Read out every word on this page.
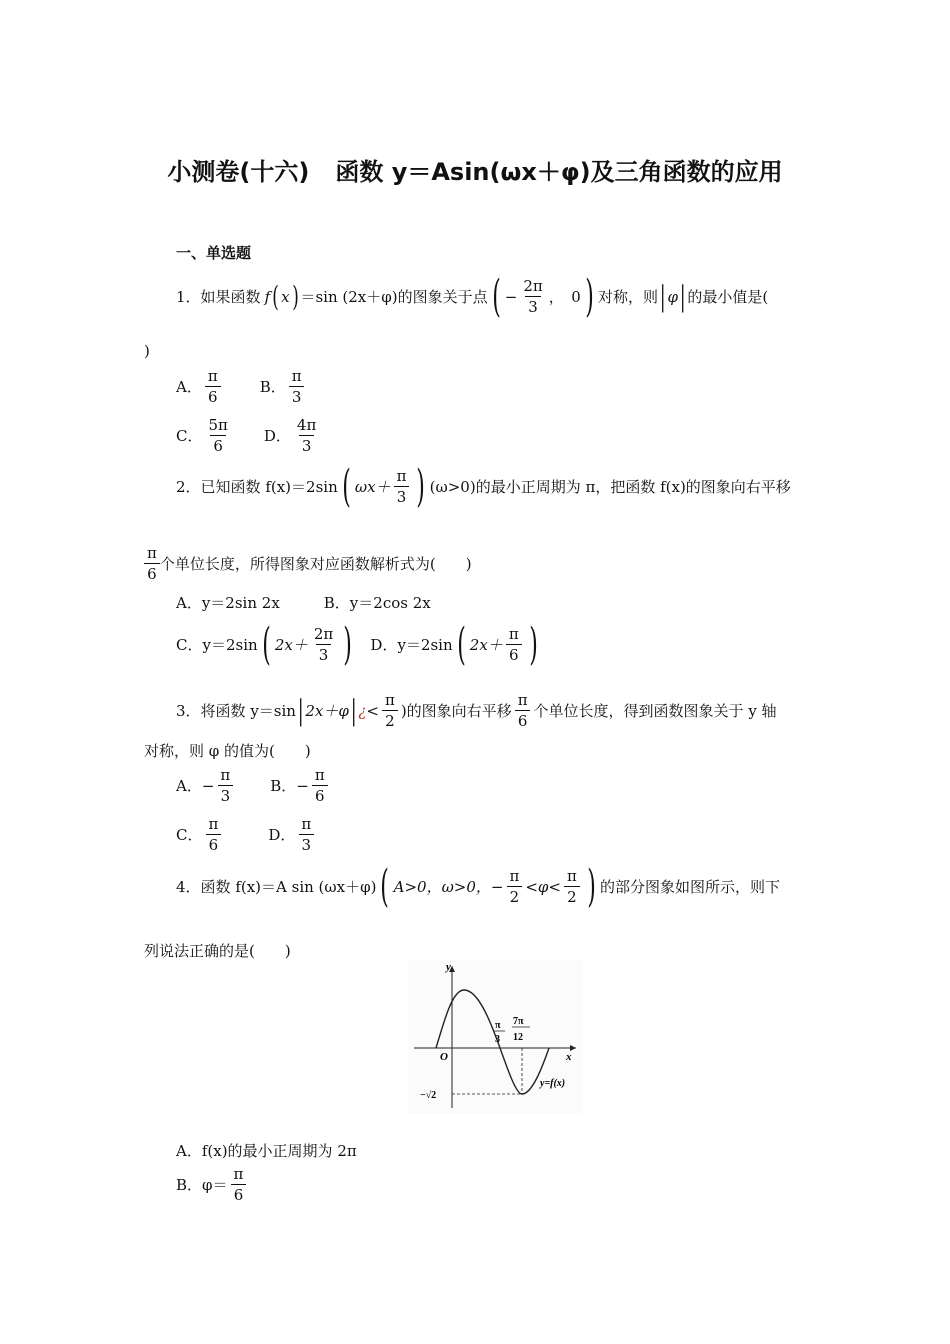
小测卷(十六) 函数 y＝Asin(ωx＋φ)及三角函数的应用
一、单选题
1． 如果函数 f ( x ) ＝sin (2x＋φ)的图象关于点 ( − $\frac{2\pi}{3}$ ，　0 ) 对称，则 | φ | 的最小值是(
)
A． $\frac{\pi}{6}$	B． $\frac{\pi}{3}$
C． $\frac{5\pi}{6}$ D． $\frac{4\pi}{3}$
2． 已知函数 f(x)＝2sin ( $\omega x+ \frac{\pi}{3}$ ) (ω>0)的最小正周期为 π，把函数 f(x)的图象向右平移
$\frac{\pi}{6}$ 个单位长度，所得图象对应函数解析式为(　　)
A．y＝2sin 2x	B．y＝2cos 2x
C．y＝2sin ( $2x+ \frac{2\pi}{3}$ ) D．y＝2sin ( $2x+ \frac{\pi}{6}$ )
3． 将函数 y＝sin | 2x＋φ | ¿ < $\frac{\pi}{2}$ )的图象向右平移 $\frac{\pi}{6}$ 个单位长度，得到函数图象关于 y 轴
对称，则 φ 的值为(　　)
A．− $\frac{\pi}{3}$ B．− $\frac{\pi}{6}$
C． $\frac{\pi}{6}$	D． $\frac{\pi}{3}$
4． 函数 f(x)＝A sin (ωx＋φ) ( A>0，ω>0，− $\frac{\pi}{2} <\varphi< \frac{\pi}{2}$ ) 的部分图象如图所示，则下
列说法正确的是(　　)
y
x
O
π
3
7π
12
−√2
y=f(x)
A．f(x)的最小正周期为 2π
B．$\varphi= \frac{\pi}{6}$
